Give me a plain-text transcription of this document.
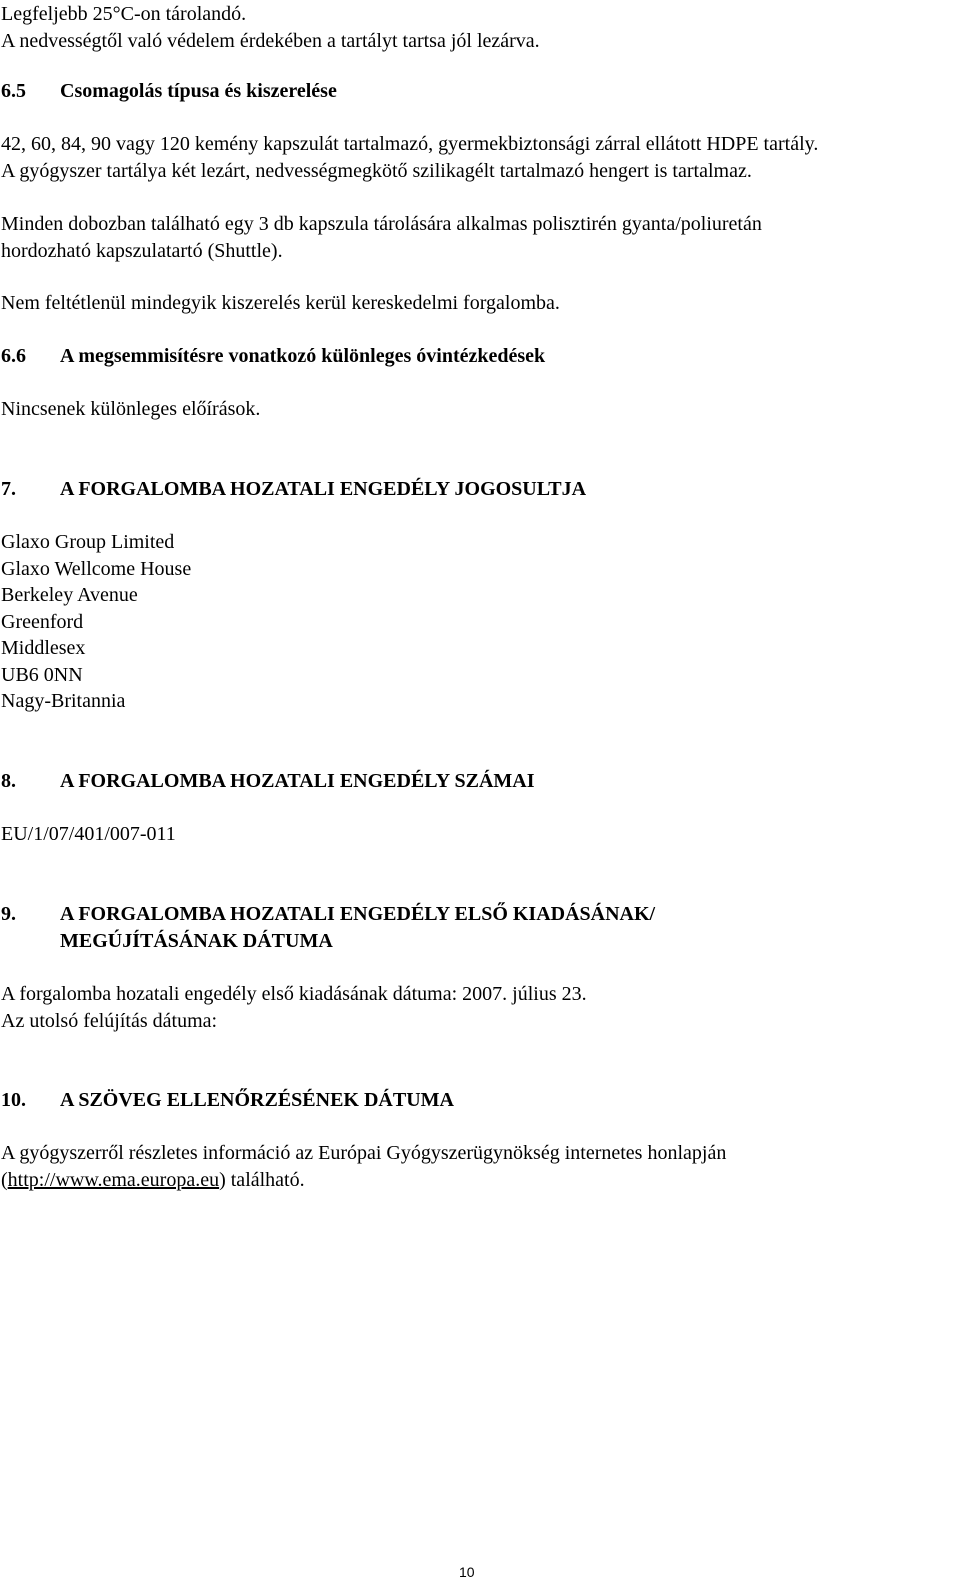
Legfeljebb 25°C-on tárolandó.
A nedvességtől való védelem érdekében a tartályt tartsa jól lezárva.
6.5 Csomagolás típusa és kiszerelése
42, 60, 84, 90 vagy 120 kemény kapszulát tartalmazó, gyermekbiztonsági zárral ellátott HDPE tartály.
A gyógyszer tartálya két lezárt, nedvességmegkötő szilikagélt tartalmazó hengert is tartalmaz.
Minden dobozban található egy 3 db kapszula tárolására alkalmas polisztirén gyanta/poliuretán
hordozható kapszulatartó (Shuttle).
Nem feltétlenül mindegyik kiszerelés kerül kereskedelmi forgalomba.
6.6 A megsemmisítésre vonatkozó különleges óvintézkedések
Nincsenek különleges előírások.
7. A FORGALOMBA HOZATALI ENGEDÉLY JOGOSULTJA
Glaxo Group Limited
Glaxo Wellcome House
Berkeley Avenue
Greenford
Middlesex
UB6 0NN
Nagy-Britannia
8. A FORGALOMBA HOZATALI ENGEDÉLY SZÁMAI
EU/1/07/401/007-011
9. A FORGALOMBA HOZATALI ENGEDÉLY ELSŐ KIADÁSÁNAK/
MEGÚJÍTÁSÁNAK DÁTUMA
A forgalomba hozatali engedély első kiadásának dátuma: 2007. július 23.
Az utolsó felújítás dátuma:
10. A SZÖVEG ELLENŐRZÉSÉNEK DÁTUMA
A gyógyszerről részletes információ az Európai Gyógyszerügynökség internetes honlapján
(http://www.ema.europa.eu) található.
10
